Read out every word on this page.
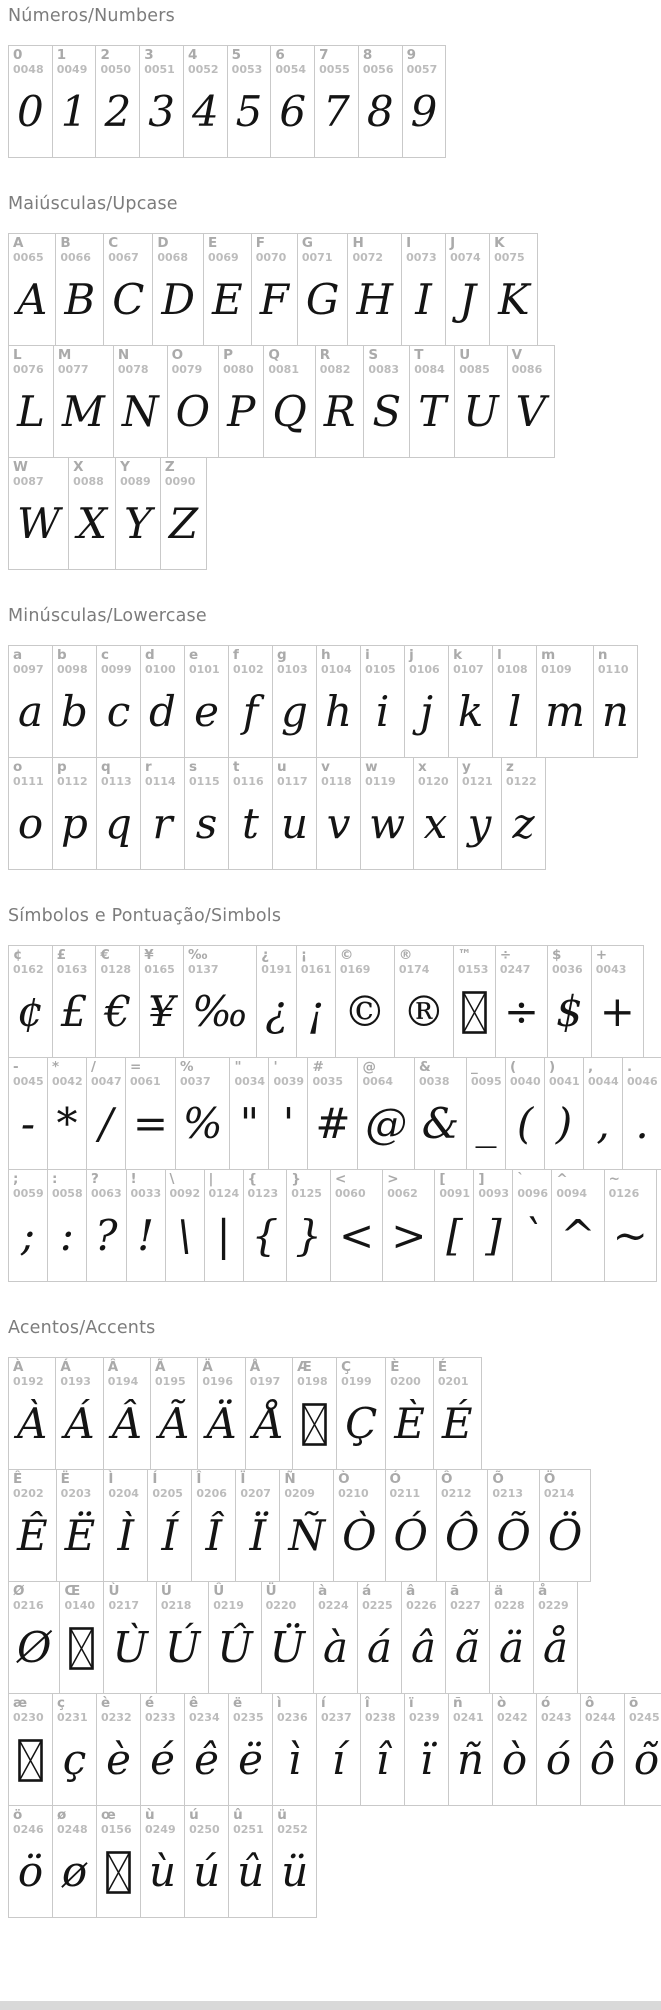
Números/Numbers
0
0048
0
1
0049
1
2
0050
2
3
0051
3
4
0052
4
5
0053
5
6
0054
6
7
0055
7
8
0056
8
9
0057
9
Maiúsculas/Upcase
A
0065
A
B
0066
B
C
0067
C
D
0068
D
E
0069
E
F
0070
F
G
0071
G
H
0072
H
I
0073
I
J
0074
J
K
0075
K
L
0076
L
M
0077
M
N
0078
N
O
0079
O
P
0080
P
Q
0081
Q
R
0082
R
S
0083
S
T
0084
T
U
0085
U
V
0086
V
W
0087
W
X
0088
X
Y
0089
Y
Z
0090
Z
Minúsculas/Lowercase
a
0097
a
b
0098
b
c
0099
c
d
0100
d
e
0101
e
f
0102
f
g
0103
g
h
0104
h
i
0105
i
j
0106
j
k
0107
k
l
0108
l
m
0109
m
n
0110
n
o
0111
o
p
0112
p
q
0113
q
r
0114
r
s
0115
s
t
0116
t
u
0117
u
v
0118
v
w
0119
w
x
0120
x
y
0121
y
z
0122
z
Símbolos e Pontuação/Simbols
¢
0162
¢
£
0163
£
€
0128
€
¥
0165
¥
‰
0137
‰
¿
0191
¿
¡
0161
¡
©
0169
©
®
0174
®
™
0153
÷
0247
÷
$
0036
$
+
0043
+
-
0045
-
*
0042
*
/
0047
/
=
0061
=
%
0037
%
"
0034
"
'
0039
'
#
0035
#
@
0064
@
&
0038
&
_
0095
_
(
0040
(
)
0041
)
,
0044
,
.
0046
.
;
0059
;
:
0058
:
?
0063
?
!
0033
!
\
0092
\
|
0124
|
{
0123
{
}
0125
}
<
0060
<
>
0062
>
[
0091
[
]
0093
]
`
0096
`
^
0094
^
~
0126
~
Acentos/Accents
À
0192
À
Á
0193
Á
Â
0194
Â
Ã
0195
Ã
Ä
0196
Ä
Å
0197
Å
Æ
0198
Ç
0199
Ç
È
0200
È
É
0201
É
Ê
0202
Ê
Ë
0203
Ë
Ì
0204
Ì
Í
0205
Í
Î
0206
Î
Ï
0207
Ï
Ñ
0209
Ñ
Ò
0210
Ò
Ó
0211
Ó
Ô
0212
Ô
Õ
0213
Õ
Ö
0214
Ö
Ø
0216
Ø
Œ
0140
Ù
0217
Ù
Ú
0218
Ú
Û
0219
Û
Ü
0220
Ü
à
0224
à
á
0225
á
â
0226
â
ã
0227
ã
ä
0228
ä
å
0229
å
æ
0230
ç
0231
ç
è
0232
è
é
0233
é
ê
0234
ê
ë
0235
ë
ì
0236
ì
í
0237
í
î
0238
î
ï
0239
ï
ñ
0241
ñ
ò
0242
ò
ó
0243
ó
ô
0244
ô
õ
0245
õ
ö
0246
ö
ø
0248
ø
œ
0156
ù
0249
ù
ú
0250
ú
û
0251
û
ü
0252
ü
